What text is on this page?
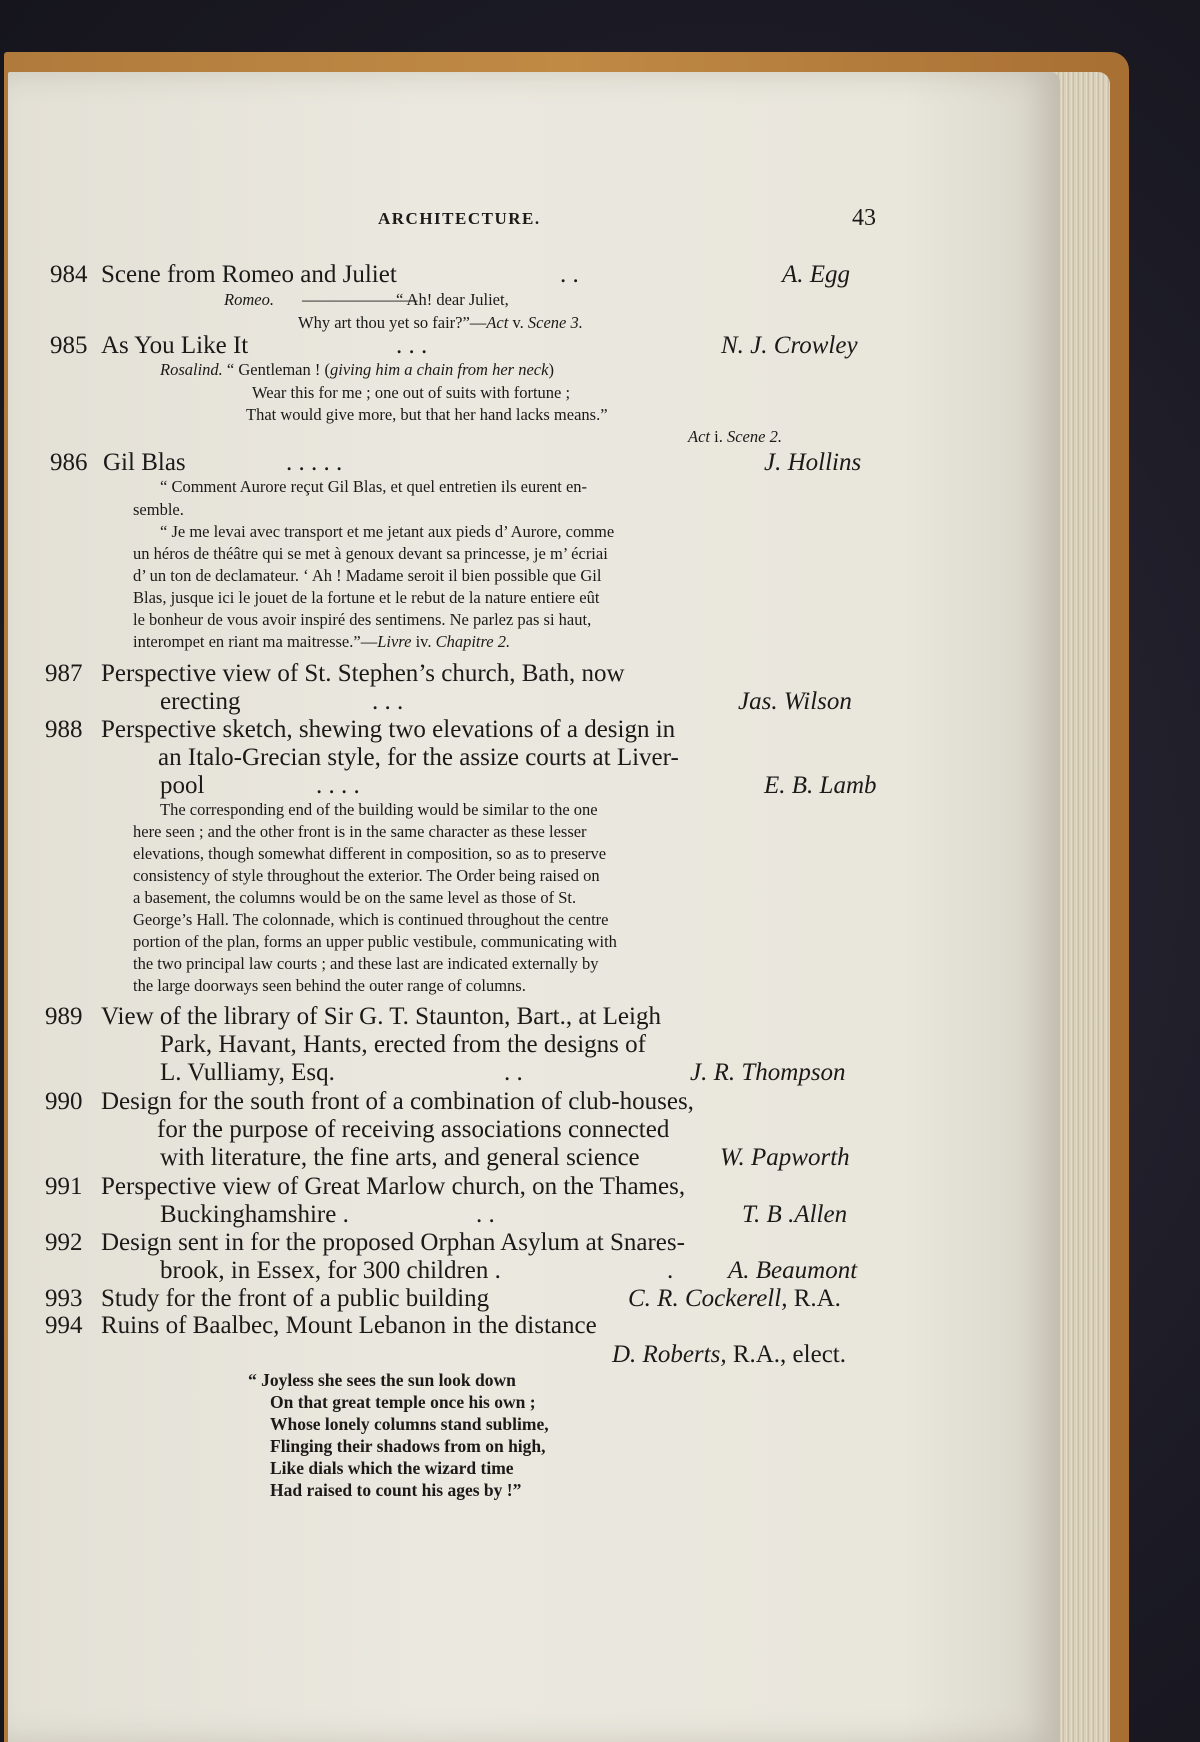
ARCHITECTURE.	43
984 Scene from Romeo and Juliet	. .	A. Egg
Romeo. ―――――――
“ Ah! dear Juliet,
Why art thou yet so fair?”—Act v. Scene 3.
985 As You Like It	. . .	N. J. Crowley
Rosalind. “ Gentleman ! (giving him a chain from her neck)
Wear this for me ; one out of suits with fortune ;
That would give more, but that her hand lacks means.”
Act i. Scene 2.
986 Gil Blas	. . . . .	J. Hollins
“ Comment Aurore reçut Gil Blas, et quel entretien ils eurent en-
semble.
“ Je me levai avec transport et me jetant aux pieds d’ Aurore, comme
un héros de théâtre qui se met à genoux devant sa princesse, je m’ écriai
d’ un ton de declamateur. ‘ Ah ! Madame seroit il bien possible que Gil
Blas, jusque ici le jouet de la fortune et le rebut de la nature entiere eût
le bonheur de vous avoir inspiré des sentimens. Ne parlez pas si haut,
interompet en riant ma maitresse.”—Livre iv. Chapitre 2.
987 Perspective view of St. Stephen’s church, Bath, now
erecting	. . .	Jas. Wilson
988 Perspective sketch, shewing two elevations of a design in
an Italo-Grecian style, for the assize courts at Liver-
pool	. . . .	E. B. Lamb
The corresponding end of the building would be similar to the one
here seen ; and the other front is in the same character as these lesser
elevations, though somewhat different in composition, so as to preserve
consistency of style throughout the exterior. The Order being raised on
a basement, the columns would be on the same level as those of St.
George’s Hall. The colonnade, which is continued throughout the centre
portion of the plan, forms an upper public vestibule, communicating with
the two principal law courts ; and these last are indicated externally by
the large doorways seen behind the outer range of columns.
989 View of the library of Sir G. T. Staunton, Bart., at Leigh
Park, Havant, Hants, erected from the designs of
L. Vulliamy, Esq.	. .	J. R. Thompson
990 Design for the south front of a combination of club-houses,
for the purpose of receiving associations connected
with literature, the fine arts, and general science	W. Papworth
991 Perspective view of Great Marlow church, on the Thames,
Buckinghamshire .	. .	T. B .Allen
992 Design sent in for the proposed Orphan Asylum at Snares-
brook, in Essex, for 300 children .	. A. Beaumont
993 Study for the front of a public building	C. R. Cockerell, R.A.
994 Ruins of Baalbec, Mount Lebanon in the distance
D. Roberts, R.A., elect.
“ Joyless she sees the sun look down
On that great temple once his own ;
Whose lonely columns stand sublime,
Flinging their shadows from on high,
Like dials which the wizard time
Had raised to count his ages by !”
